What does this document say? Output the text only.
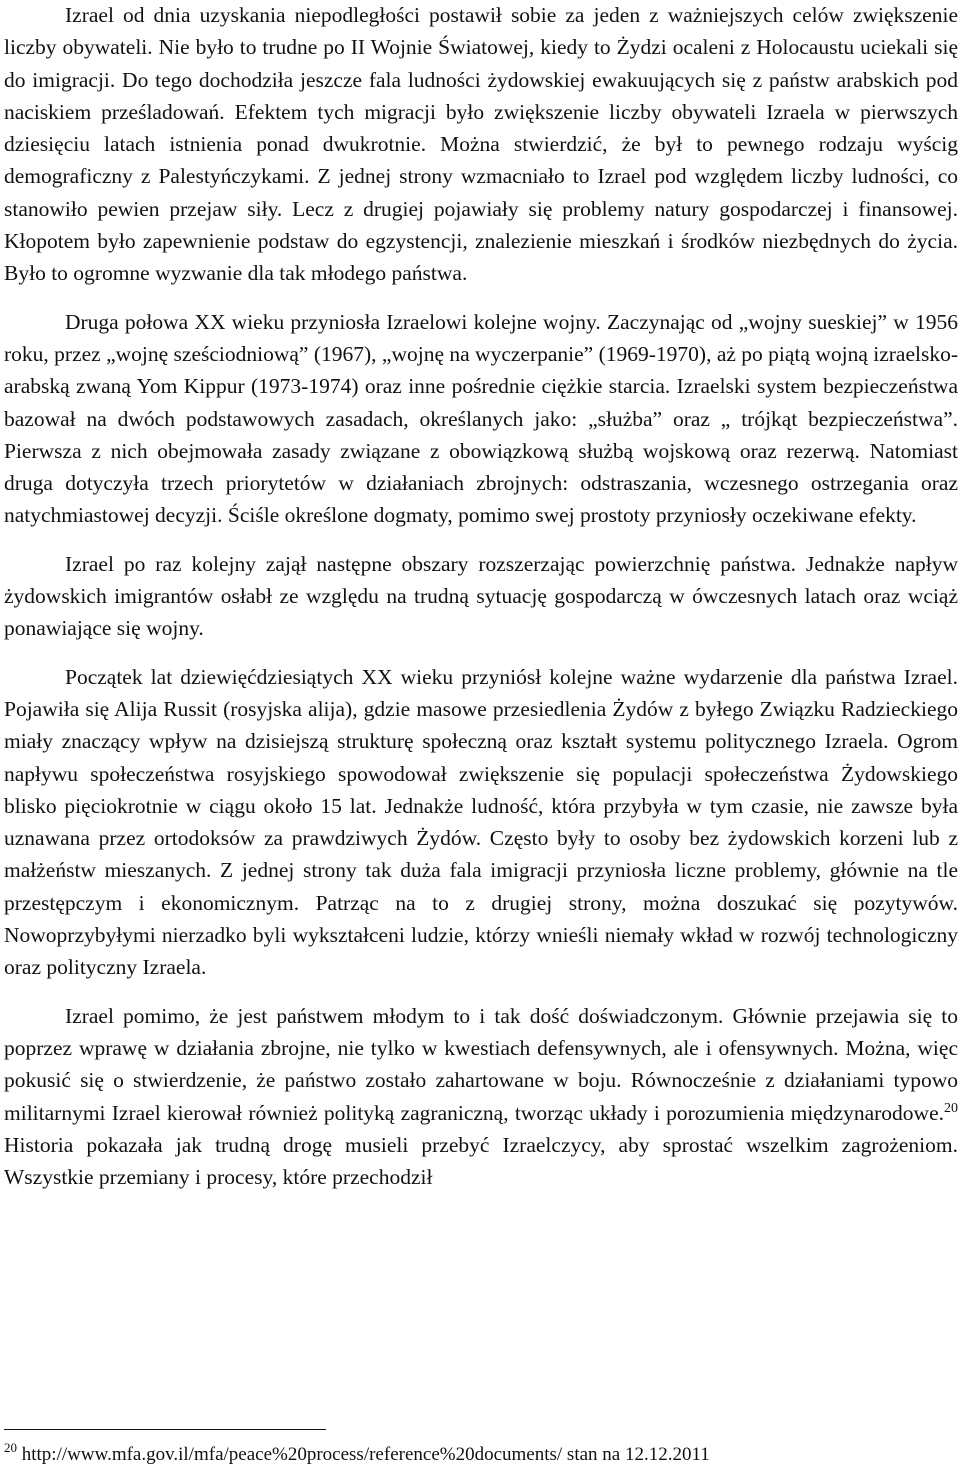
Izrael od dnia uzyskania niepodległości postawił sobie za jeden z ważniejszych celów zwiększenie liczby obywateli. Nie było to trudne po II Wojnie Światowej, kiedy to Żydzi ocaleni z Holocaustu uciekali się do imigracji. Do tego dochodziła jeszcze fala ludności żydowskiej ewakuujących się z państw arabskich pod naciskiem prześladowań. Efektem tych migracji było zwiększenie liczby obywateli Izraela w pierwszych dziesięciu latach istnienia ponad dwukrotnie. Można stwierdzić, że był to pewnego rodzaju wyścig demograficzny z Palestyńczykami. Z jednej strony wzmacniało to Izrael pod względem liczby ludności, co stanowiło pewien przejaw siły. Lecz z drugiej pojawiały się problemy natury gospodarczej i finansowej. Kłopotem było zapewnienie podstaw do egzystencji, znalezienie mieszkań i środków niezbędnych do życia. Było to ogromne wyzwanie dla tak młodego państwa.

Druga połowa XX wieku przyniosła Izraelowi kolejne wojny. Zaczynając od „wojny sueskiej” w 1956 roku, przez „wojnę sześciodniową” (1967), „wojnę na wyczerpanie” (1969-1970), aż po piątą wojną izraelsko-arabską zwaną Yom Kippur (1973-1974) oraz inne pośrednie ciężkie starcia. Izraelski system bezpieczeństwa bazował na dwóch podstawowych zasadach, określanych jako: „służba” oraz „ trójkąt bezpieczeństwa”. Pierwsza z nich obejmowała zasady związane z obowiązkową służbą wojskową oraz rezerwą. Natomiast druga dotyczyła trzech priorytetów w działaniach zbrojnych: odstraszania, wczesnego ostrzegania oraz natychmiastowej decyzji. Ściśle określone dogmaty, pomimo swej prostoty przyniosły oczekiwane efekty.

Izrael po raz kolejny zajął następne obszary rozszerzając powierzchnię państwa. Jednakże napływ żydowskich imigrantów osłabł ze względu na trudną sytuację gospodarczą w ówczesnych latach oraz wciąż ponawiające się wojny.

Początek lat dziewięćdziesiątych XX wieku przyniósł kolejne ważne wydarzenie dla państwa Izrael. Pojawiła się Alija Russit (rosyjska alija), gdzie masowe przesiedlenia Żydów z byłego Związku Radzieckiego miały znaczący wpływ na dzisiejszą strukturę społeczną oraz kształt systemu politycznego Izraela. Ogrom napływu społeczeństwa rosyjskiego spowodował zwiększenie się populacji społeczeństwa Żydowskiego blisko pięciokrotnie w ciągu około 15 lat. Jednakże ludność, która przybyła w tym czasie, nie zawsze była uznawana przez ortodoksów za prawdziwych Żydów. Często były to osoby bez żydowskich korzeni lub z małżeństw mieszanych. Z jednej strony tak duża fala imigracji przyniosła liczne problemy, głównie na tle przestępczym i ekonomicznym. Patrząc na to z drugiej strony, można doszukać się pozytywów. Nowoprzybyłymi nierzadko byli wykształceni ludzie, którzy wnieśli niemały wkład w rozwój technologiczny oraz polityczny Izraela.

Izrael pomimo, że jest państwem młodym to i tak dość doświadczonym. Głównie przejawia się to poprzez wprawę w działania zbrojne, nie tylko w kwestiach defensywnych, ale i ofensywnych. Można, więc pokusić się o stwierdzenie, że państwo zostało zahartowane w boju. Równocześnie z działaniami typowo militarnymi Izrael kierował również polityką zagraniczną, tworząc układy i porozumienia międzynarodowe.$^{20}$ Historia pokazała jak trudną drogę musieli przebyć Izraelczycy, aby sprostać wszelkim zagrożeniom. Wszystkie przemiany i procesy, które przechodził

$^{20}$ http://www.mfa.gov.il/mfa/peace%20process/reference%20documents/ stan na 12.12.2011
